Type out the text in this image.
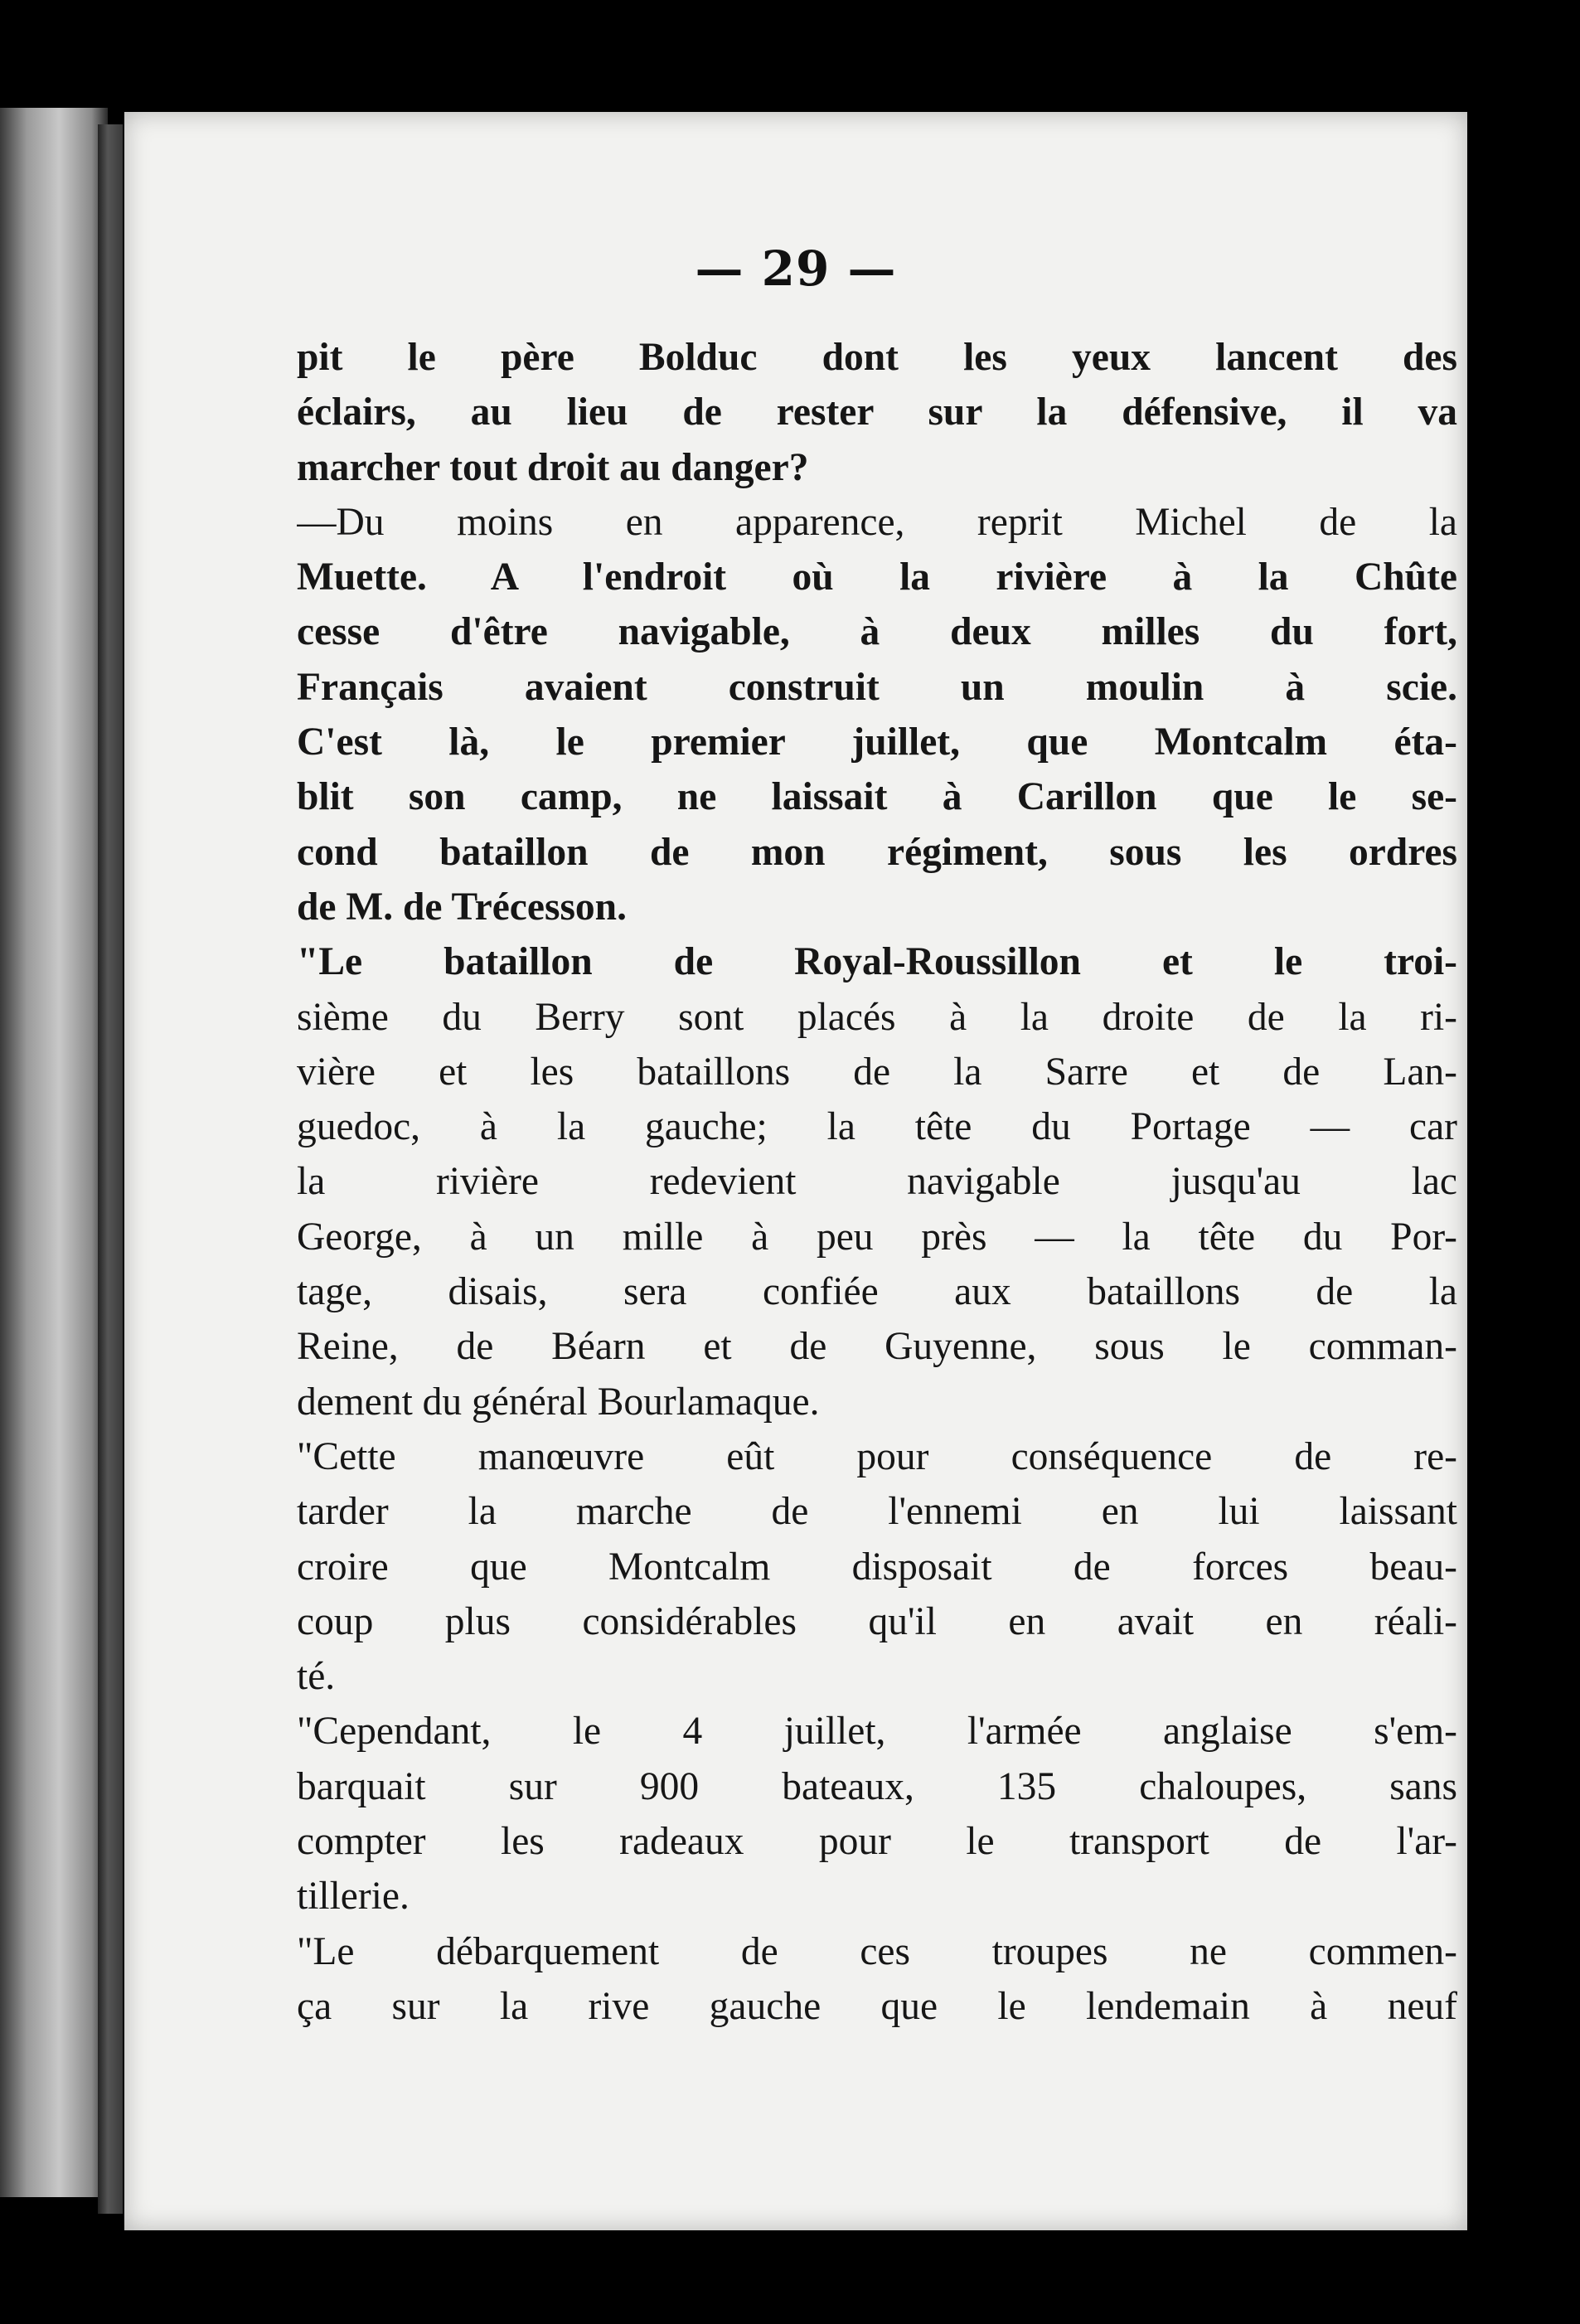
— 29 —
pit le père Bolduc dont les yeux lancent des
éclairs, au lieu de rester sur la défensive, il va
marcher tout droit au danger?
—Du moins en apparence, reprit Michel de la
Muette. A l'endroit où la rivière à la Chûte
cesse d'être navigable, à deux milles du fort,
Français avaient construit un moulin à scie.
C'est là, le premier juillet, que Montcalm éta-
blit son camp, ne laissait à Carillon que le se-
cond bataillon de mon régiment, sous les ordres
de M. de Trécesson.
"Le bataillon de Royal-Roussillon et le troi-
sième du Berry sont placés à la droite de la ri-
vière et les bataillons de la Sarre et de Lan-
guedoc, à la gauche; la tête du Portage — car
la rivière redevient navigable jusqu'au lac
George, à un mille à peu près — la tête du Por-
tage, disais, sera confiée aux bataillons de la
Reine, de Béarn et de Guyenne, sous le comman-
dement du général Bourlamaque.
"Cette manœuvre eût pour conséquence de re-
tarder la marche de l'ennemi en lui laissant
croire que Montcalm disposait de forces beau-
coup plus considérables qu'il en avait en réali-
té.
"Cependant, le 4 juillet, l'armée anglaise s'em-
barquait sur 900 bateaux, 135 chaloupes, sans
compter les radeaux pour le transport de l'ar-
tillerie.
"Le débarquement de ces troupes ne commen-
ça sur la rive gauche que le lendemain à neuf
